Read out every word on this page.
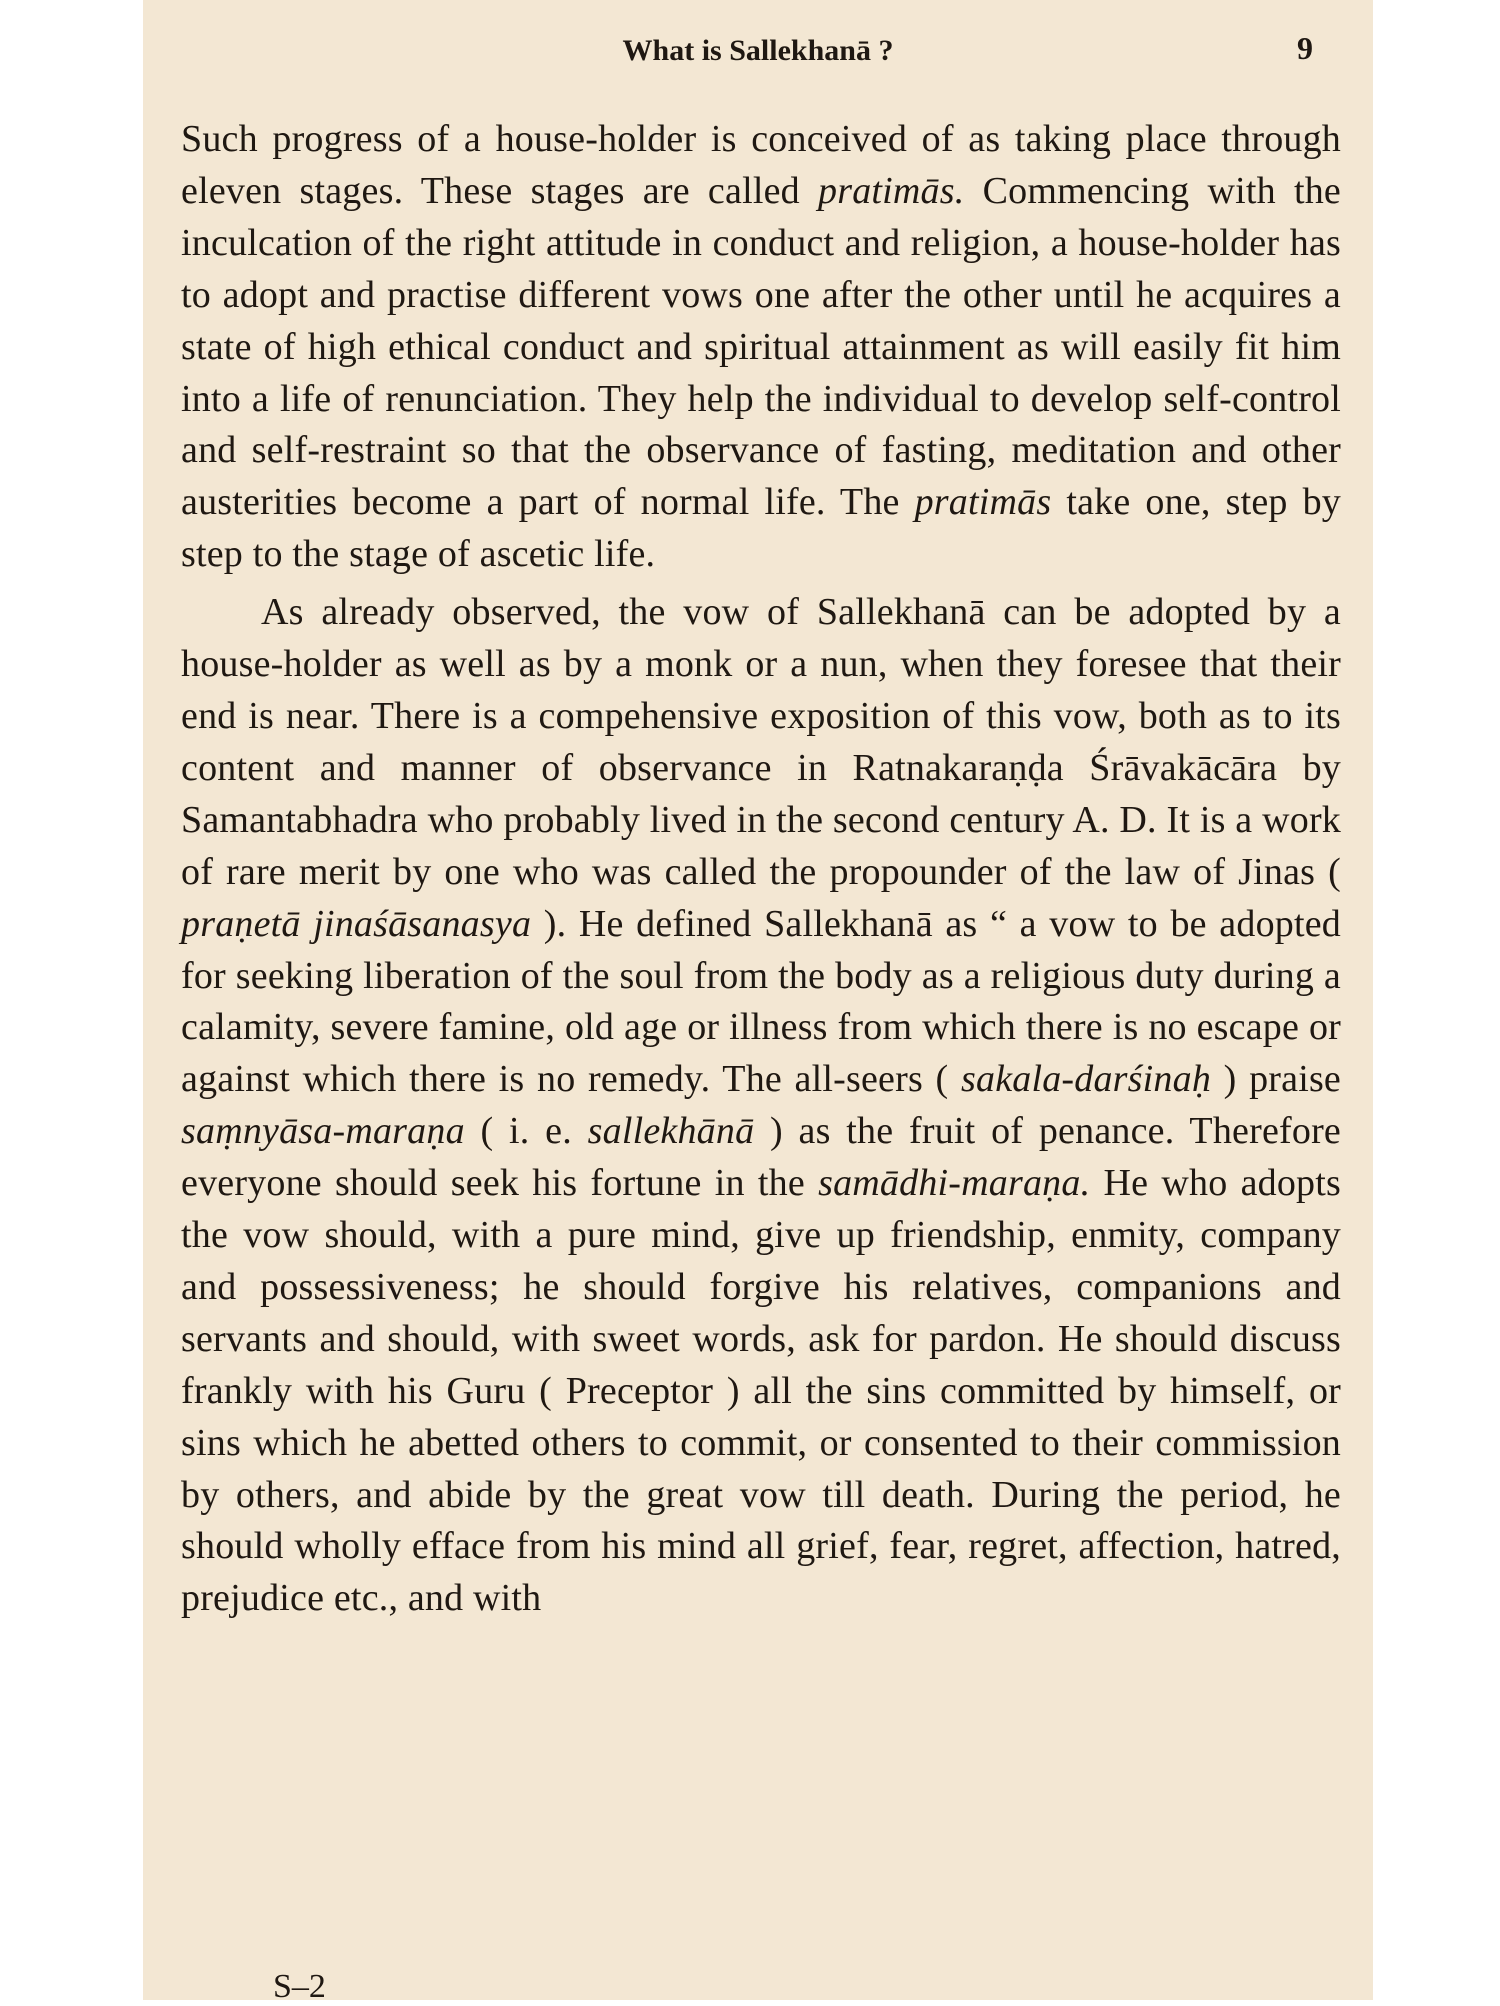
What is Sallekhanā ?	9

Such progress of a house-holder is conceived of as taking place through eleven stages. These stages are called pratimās. Commencing with the inculcation of the right attitude in conduct and religion, a house-holder has to adopt and practise different vows one after the other until he acquires a state of high ethical conduct and spiritual attainment as will easily fit him into a life of renunciation. They help the individual to develop self-control and self-restraint so that the observance of fasting, meditation and other austerities become a part of normal life. The pratimās take one, step by step to the stage of ascetic life.

As already observed, the vow of Sallekhanā can be adopted by a house-holder as well as by a monk or a nun, when they foresee that their end is near. There is a compehensive exposition of this vow, both as to its content and manner of observance in Ratnakaraṇḍa Śrāvakācāra by Samantabhadra who probably lived in the second century A. D. It is a work of rare merit by one who was called the propounder of the law of Jinas ( praṇetā jinaśāsanasya ). He defined Sallekhanā as “ a vow to be adopted for seeking liberation of the soul from the body as a religious duty during a calamity, severe famine, old age or illness from which there is no escape or against which there is no remedy. The all-seers ( sakala-darśinaḥ ) praise saṃnyāsa-maraṇa ( i. e. sallekhānā ) as the fruit of penance. Therefore everyone should seek his fortune in the samādhi-maraṇa. He who adopts the vow should, with a pure mind, give up friendship, enmity, company and possessiveness; he should forgive his relatives, companions and servants and should, with sweet words, ask for pardon. He should discuss frankly with his Guru ( Preceptor ) all the sins committed by himself, or sins which he abetted others to commit, or consented to their commission by others, and abide by the great vow till death. During the period, he should wholly efface from his mind all grief, fear, regret, affection, hatred, prejudice etc., and with

S–2
